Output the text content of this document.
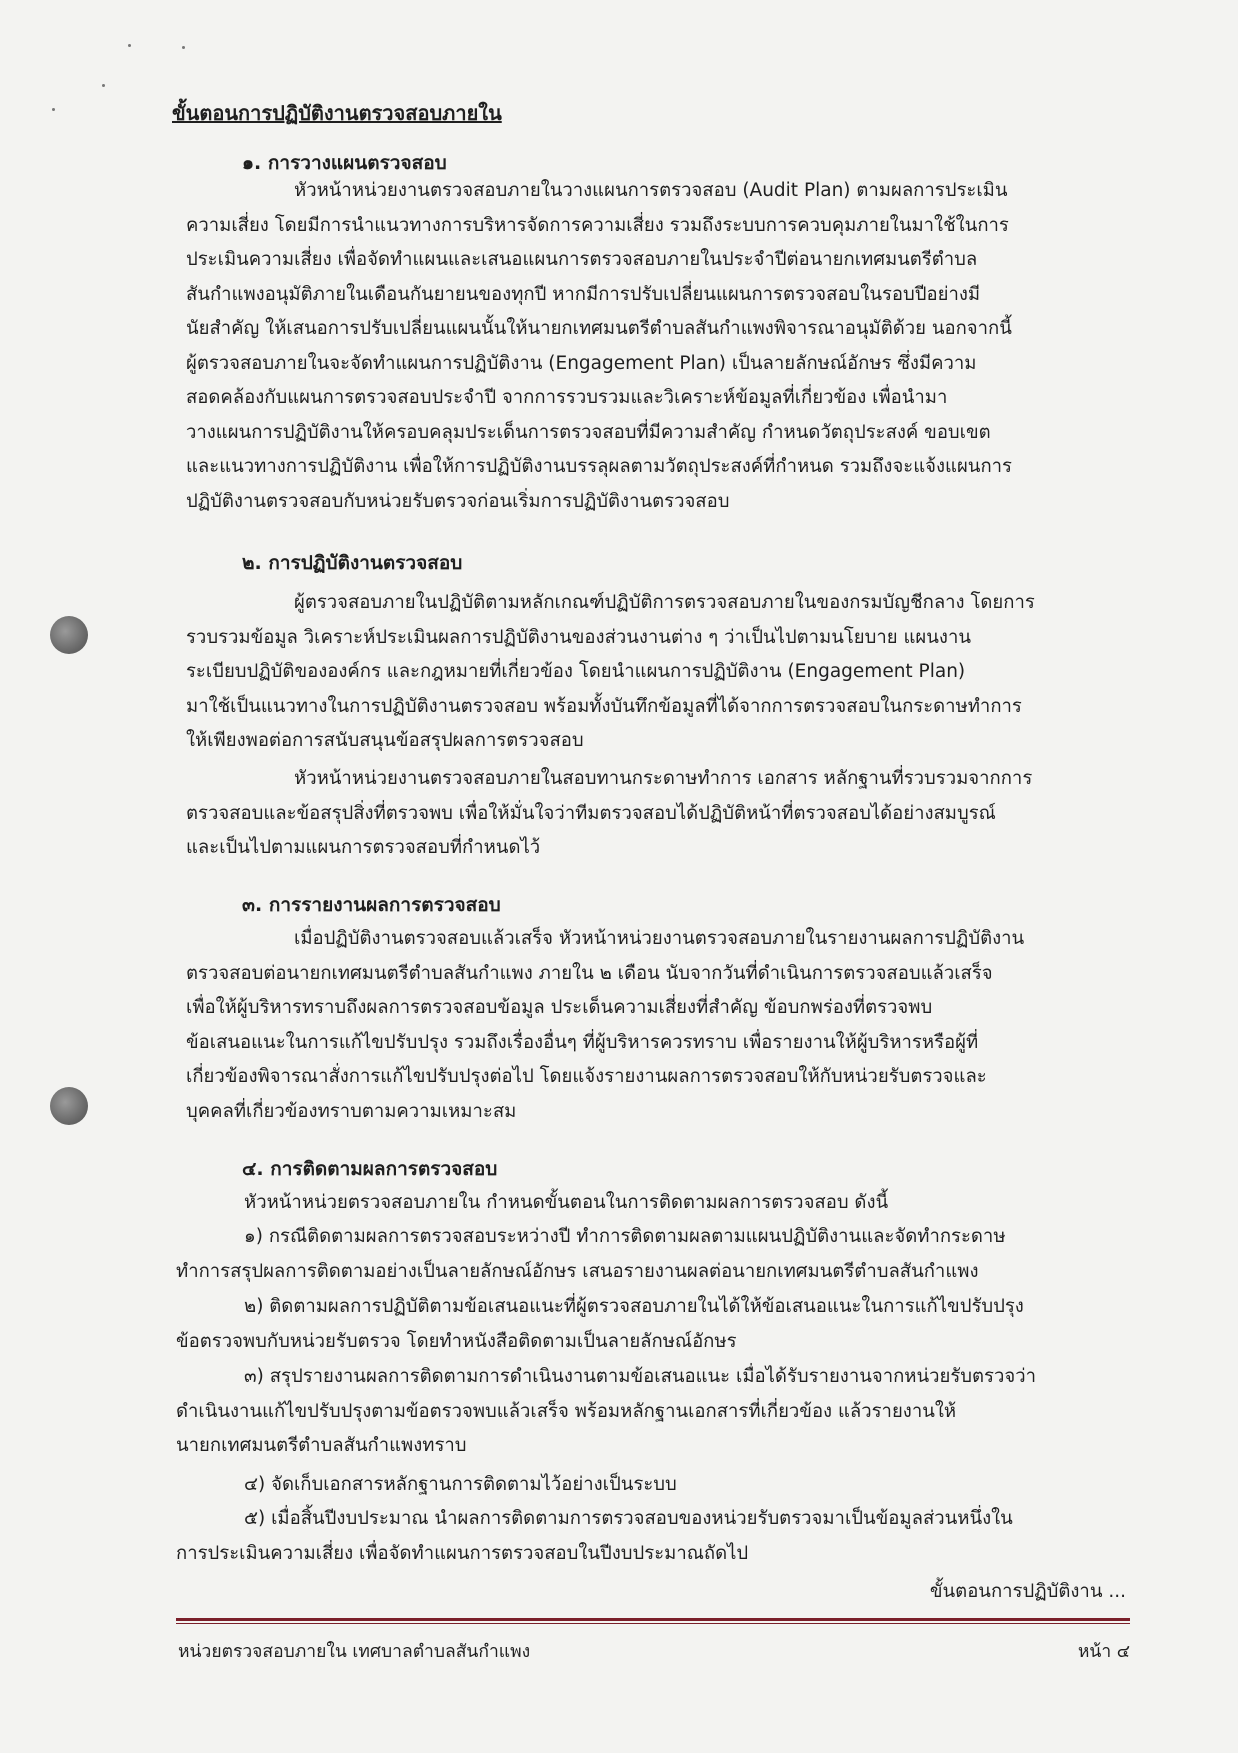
ขั้นตอนการปฏิบัติงานตรวจสอบภายใน
๑. การวางแผนตรวจสอบ
หัวหน้าหน่วยงานตรวจสอบภายในวางแผนการตรวจสอบ (Audit Plan) ตามผลการประเมิน
ความเสี่ยง โดยมีการนำแนวทางการบริหารจัดการความเสี่ยง รวมถึงระบบการควบคุมภายในมาใช้ในการ
ประเมินความเสี่ยง เพื่อจัดทำแผนและเสนอแผนการตรวจสอบภายในประจำปีต่อนายกเทศมนตรีตำบล
สันกำแพงอนุมัติภายในเดือนกันยายนของทุกปี หากมีการปรับเปลี่ยนแผนการตรวจสอบในรอบปีอย่างมี
นัยสำคัญ ให้เสนอการปรับเปลี่ยนแผนนั้นให้นายกเทศมนตรีตำบลสันกำแพงพิจารณาอนุมัติด้วย นอกจากนี้
ผู้ตรวจสอบภายในจะจัดทำแผนการปฏิบัติงาน (Engagement Plan) เป็นลายลักษณ์อักษร ซึ่งมีความ
สอดคล้องกับแผนการตรวจสอบประจำปี จากการรวบรวมและวิเคราะห์ข้อมูลที่เกี่ยวข้อง เพื่อนำมา
วางแผนการปฏิบัติงานให้ครอบคลุมประเด็นการตรวจสอบที่มีความสำคัญ กำหนดวัตถุประสงค์ ขอบเขต
และแนวทางการปฏิบัติงาน เพื่อให้การปฏิบัติงานบรรลุผลตามวัตถุประสงค์ที่กำหนด รวมถึงจะแจ้งแผนการ
ปฏิบัติงานตรวจสอบกับหน่วยรับตรวจก่อนเริ่มการปฏิบัติงานตรวจสอบ
๒. การปฏิบัติงานตรวจสอบ
ผู้ตรวจสอบภายในปฏิบัติตามหลักเกณฑ์ปฏิบัติการตรวจสอบภายในของกรมบัญชีกลาง โดยการ
รวบรวมข้อมูล วิเคราะห์ประเมินผลการปฏิบัติงานของส่วนงานต่าง ๆ ว่าเป็นไปตามนโยบาย แผนงาน
ระเบียบปฏิบัติขององค์กร และกฎหมายที่เกี่ยวข้อง โดยนำแผนการปฏิบัติงาน (Engagement Plan)
มาใช้เป็นแนวทางในการปฏิบัติงานตรวจสอบ พร้อมทั้งบันทึกข้อมูลที่ได้จากการตรวจสอบในกระดาษทำการ
ให้เพียงพอต่อการสนับสนุนข้อสรุปผลการตรวจสอบ
หัวหน้าหน่วยงานตรวจสอบภายในสอบทานกระดาษทำการ เอกสาร หลักฐานที่รวบรวมจากการ
ตรวจสอบและข้อสรุปสิ่งที่ตรวจพบ เพื่อให้มั่นใจว่าทีมตรวจสอบได้ปฏิบัติหน้าที่ตรวจสอบได้อย่างสมบูรณ์
และเป็นไปตามแผนการตรวจสอบที่กำหนดไว้
๓. การรายงานผลการตรวจสอบ
เมื่อปฏิบัติงานตรวจสอบแล้วเสร็จ หัวหน้าหน่วยงานตรวจสอบภายในรายงานผลการปฏิบัติงาน
ตรวจสอบต่อนายกเทศมนตรีตำบลสันกำแพง ภายใน ๒ เดือน นับจากวันที่ดำเนินการตรวจสอบแล้วเสร็จ
เพื่อให้ผู้บริหารทราบถึงผลการตรวจสอบข้อมูล ประเด็นความเสี่ยงที่สำคัญ ข้อบกพร่องที่ตรวจพบ
ข้อเสนอแนะในการแก้ไขปรับปรุง รวมถึงเรื่องอื่นๆ ที่ผู้บริหารควรทราบ เพื่อรายงานให้ผู้บริหารหรือผู้ที่
เกี่ยวข้องพิจารณาสั่งการแก้ไขปรับปรุงต่อไป โดยแจ้งรายงานผลการตรวจสอบให้กับหน่วยรับตรวจและ
บุคคลที่เกี่ยวข้องทราบตามความเหมาะสม
๔. การติดตามผลการตรวจสอบ
หัวหน้าหน่วยตรวจสอบภายใน กำหนดขั้นตอนในการติดตามผลการตรวจสอบ ดังนี้
๑) กรณีติดตามผลการตรวจสอบระหว่างปี ทำการติดตามผลตามแผนปฏิบัติงานและจัดทำกระดาษ
ทำการสรุปผลการติดตามอย่างเป็นลายลักษณ์อักษร เสนอรายงานผลต่อนายกเทศมนตรีตำบลสันกำแพง
๒) ติดตามผลการปฏิบัติตามข้อเสนอแนะที่ผู้ตรวจสอบภายในได้ให้ข้อเสนอแนะในการแก้ไขปรับปรุง
ข้อตรวจพบกับหน่วยรับตรวจ โดยทำหนังสือติดตามเป็นลายลักษณ์อักษร
๓) สรุปรายงานผลการติดตามการดำเนินงานตามข้อเสนอแนะ เมื่อได้รับรายงานจากหน่วยรับตรวจว่า
ดำเนินงานแก้ไขปรับปรุงตามข้อตรวจพบแล้วเสร็จ พร้อมหลักฐานเอกสารที่เกี่ยวข้อง แล้วรายงานให้
นายกเทศมนตรีตำบลสันกำแพงทราบ
๔) จัดเก็บเอกสารหลักฐานการติดตามไว้อย่างเป็นระบบ
๕) เมื่อสิ้นปีงบประมาณ นำผลการติดตามการตรวจสอบของหน่วยรับตรวจมาเป็นข้อมูลส่วนหนึ่งใน
การประเมินความเสี่ยง เพื่อจัดทำแผนการตรวจสอบในปีงบประมาณถัดไป
ขั้นตอนการปฏิบัติงาน ...
หน่วยตรวจสอบภายใน เทศบาลตำบลสันกำแพง	หน้า ๔
